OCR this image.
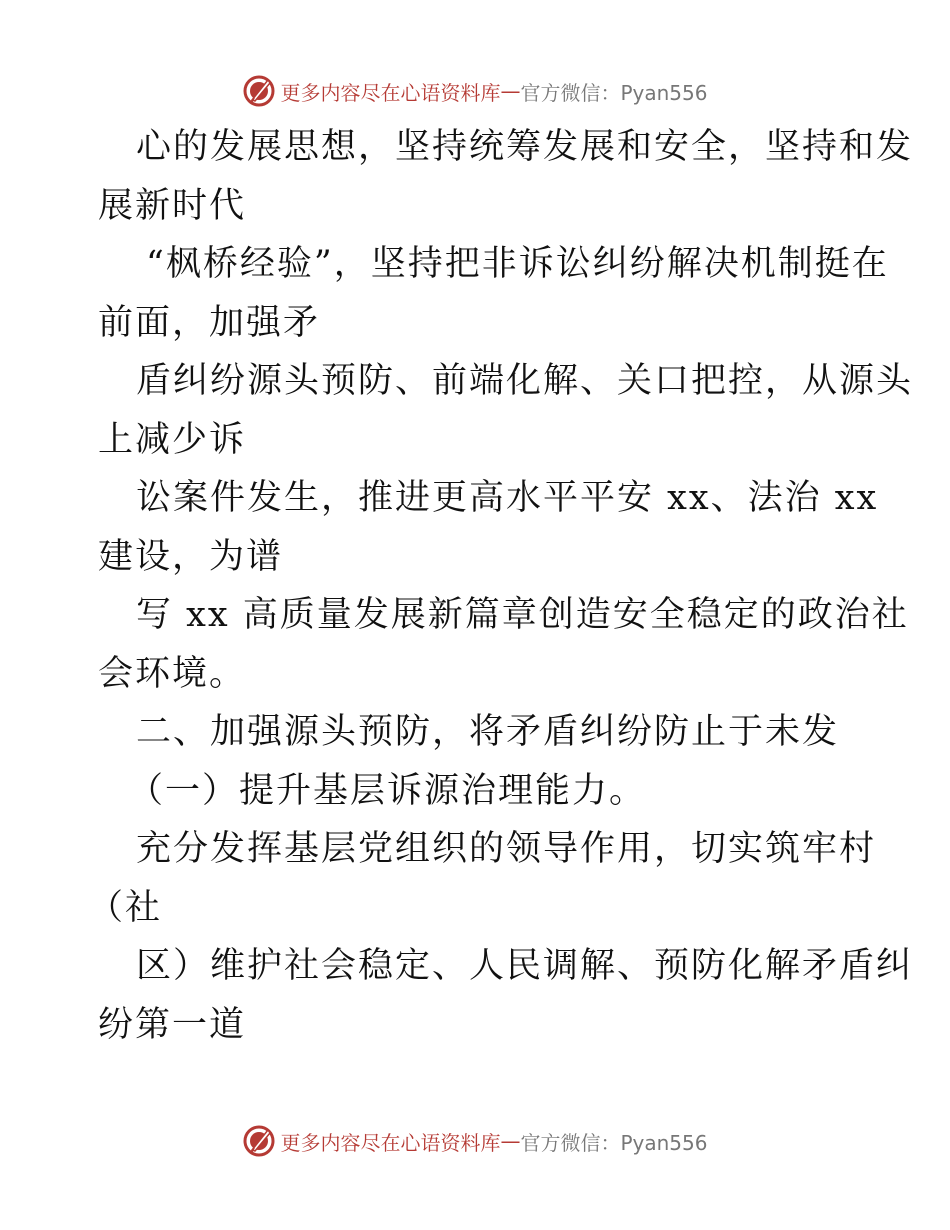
更多内容尽在心语资料库 — 官方微信：Pyan556
心的发展思想，坚持统筹发展和安全，坚持和发
展新时代
“枫桥经验”，坚持把非诉讼纠纷解决机制挺在
前面，加强矛
盾纠纷源头预防、前端化解、关口把控，从源头
上减少诉
讼案件发生，推进更高水平平安 xx、法治 xx
建设，为谱
写 xx 高质量发展新篇章创造安全稳定的政治社
会环境。
二、加强源头预防，将矛盾纠纷防止于未发
（一）提升基层诉源治理能力。
充分发挥基层党组织的领导作用，切实筑牢村
（社
区）维护社会稳定、人民调解、预防化解矛盾纠
纷第一道
更多内容尽在心语资料库 — 官方微信：Pyan556
